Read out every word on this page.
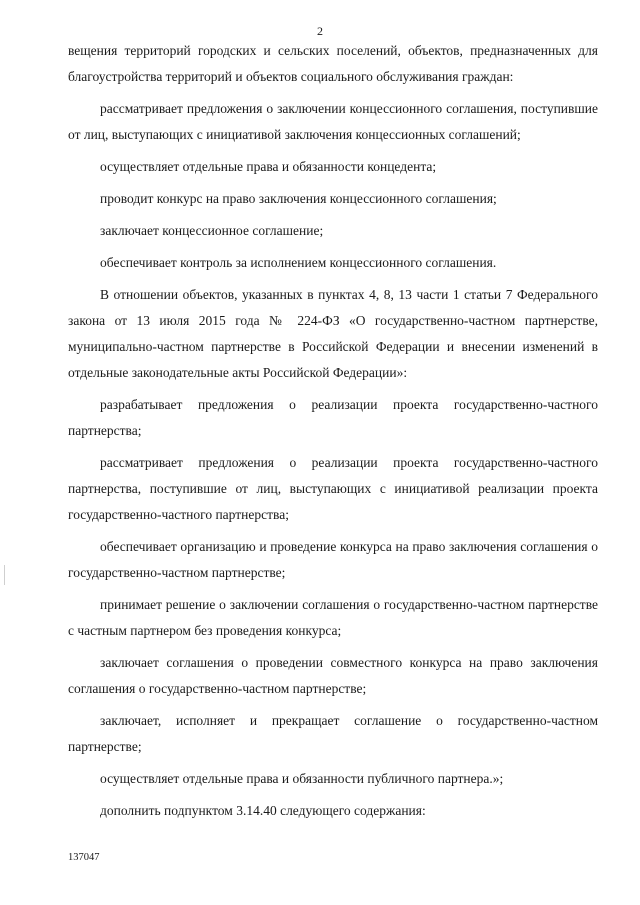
2

вещения территорий городских и сельских поселений, объектов, предназначенных для благоустройства территорий и объектов социального обслуживания граждан:

рассматривает предложения о заключении концессионного соглашения, поступившие от лиц, выступающих с инициативой заключения концессионных соглашений;

осуществляет отдельные права и обязанности концедента;

проводит конкурс на право заключения концессионного соглашения;

заключает концессионное соглашение;

обеспечивает контроль за исполнением концессионного соглашения.

В отношении объектов, указанных в пунктах 4, 8, 13 части 1 статьи 7 Федерального закона от 13 июля 2015 года № 224-ФЗ «О государственно-частном партнерстве, муниципально-частном партнерстве в Российской Федерации и внесении изменений в отдельные законодательные акты Российской Федерации»:

разрабатывает предложения о реализации проекта государственно-частного партнерства;

рассматривает предложения о реализации проекта государственно-частного партнерства, поступившие от лиц, выступающих с инициативой реализации проекта государственно-частного партнерства;

обеспечивает организацию и проведение конкурса на право заключения соглашения о государственно-частном партнерстве;

принимает решение о заключении соглашения о государственно-частном партнерстве с частным партнером без проведения конкурса;

заключает соглашения о проведении совместного конкурса на право заключения соглашения о государственно-частном партнерстве;

заключает, исполняет и прекращает соглашение о государственно-частном партнерстве;

осуществляет отдельные права и обязанности публичного партнера.»;

дополнить подпунктом 3.14.40 следующего содержания:

137047
